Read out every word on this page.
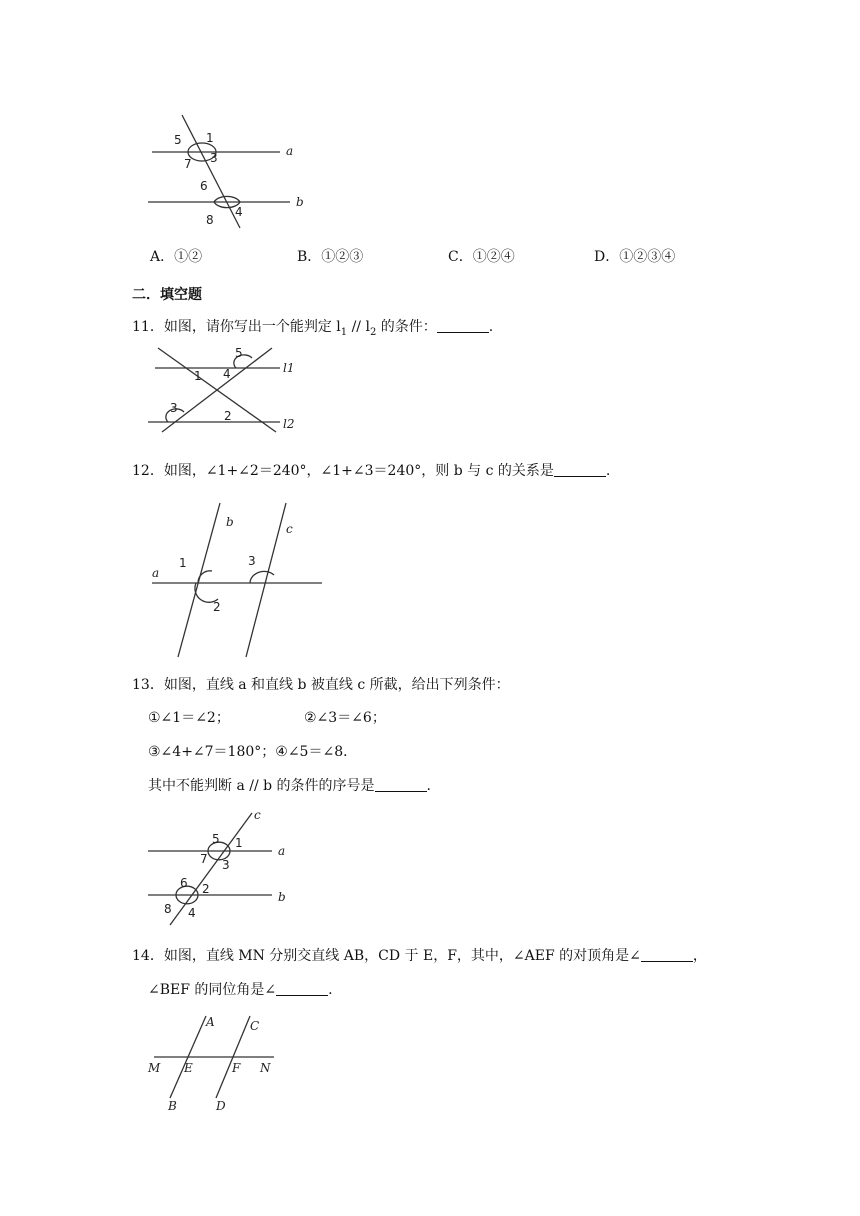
5 1
7 3	a
6
b
8
4
A．①②	B．①②③	C．①②④	D．①②③④
二．填空题
11．如图，请你写出一个能判定 $l_1 // l_2$ 的条件：	.
5
1 4	l1
3
2
l2
12．如图，∠1+∠2＝240°，∠1+∠3＝240°，则 b 与 c 的关系是	.
b	c
a
1	3
2
13．如图，直线 a 和直线 b 被直线 c 所截，给出下列条件：
①∠1＝∠2；	②∠3＝∠6；
③∠4+∠7＝180°；④∠5＝∠8．
其中不能判断 a // b 的条件的序号是	.
c
5 1
a
7 3
6 2
b
8 4
14．如图，直线 MN 分别交直线 AB，CD 于 E，F，其中，∠AEF 的对顶角是∠	，
∠BEF 的同位角是∠	.
A	C
M E	F N
B	D
